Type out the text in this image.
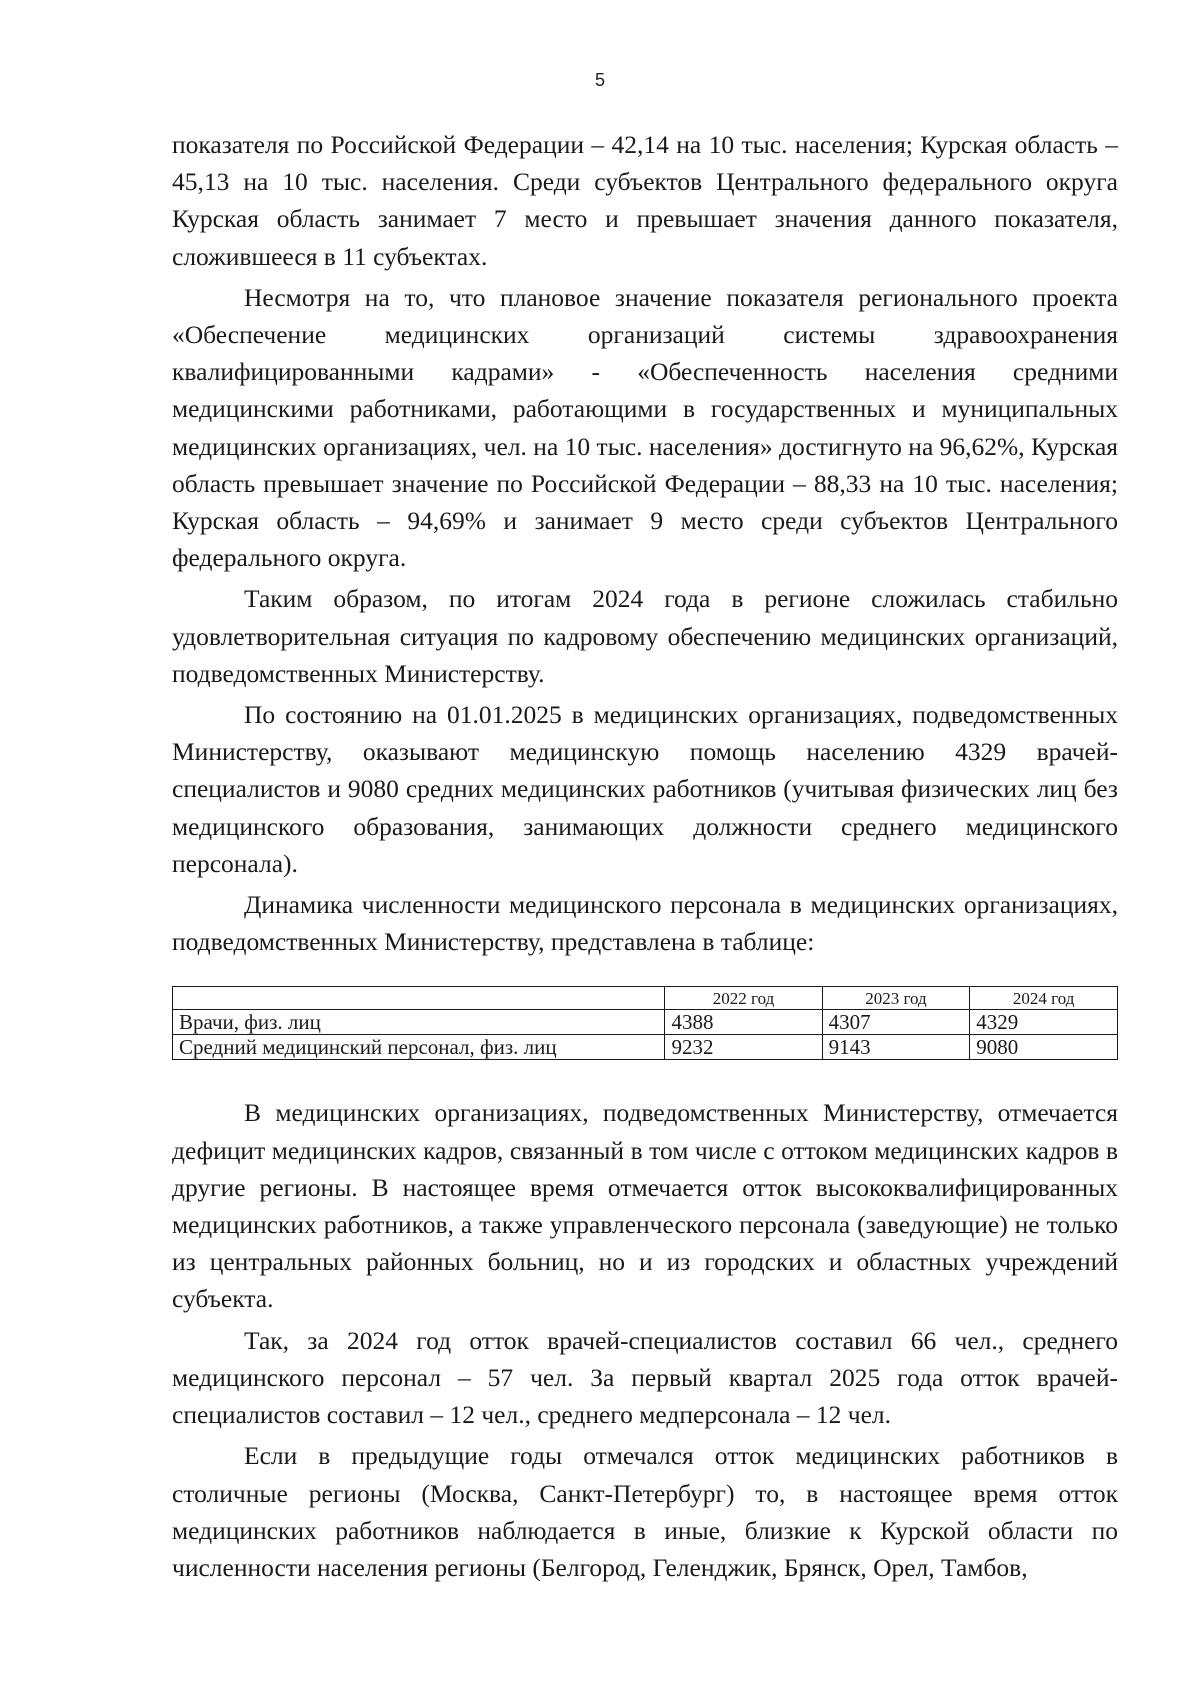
5

показателя по Российской Федерации – 42,14 на 10 тыс. населения; Курская область – 45,13 на 10 тыс. населения. Среди субъектов Центрального федерального округа Курская область занимает 7 место и превышает значения данного показателя, сложившееся в 11 субъектах.

Несмотря на то, что плановое значение показателя регионального проекта «Обеспечение медицинских организаций системы здравоохранения квалифицированными кадрами» - «Обеспеченность населения средними медицинскими работниками, работающими в государственных и муниципальных медицинских организациях, чел. на 10 тыс. населения» достигнуто на 96,62%, Курская область превышает значение по Российской Федерации – 88,33 на 10 тыс. населения; Курская область – 94,69% и занимает 9 место среди субъектов Центрального федерального округа.

Таким образом, по итогам 2024 года в регионе сложилась стабильно удовлетворительная ситуация по кадровому обеспечению медицинских организаций, подведомственных Министерству.

По состоянию на 01.01.2025 в медицинских организациях, подведомственных Министерству, оказывают медицинскую помощь населению 4329 врачей-специалистов и 9080 средних медицинских работников (учитывая физических лиц без медицинского образования, занимающих должности среднего медицинского персонала).

Динамика численности медицинского персонала в медицинских организациях, подведомственных Министерству, представлена в таблице:

	2022 год	2023 год	2024 год
Врачи, физ. лиц	4388	4307	4329
Средний медицинский персонал, физ. лиц	9232	9143	9080

В медицинских организациях, подведомственных Министерству, отмечается дефицит медицинских кадров, связанный в том числе с оттоком медицинских кадров в другие регионы. В настоящее время отмечается отток высококвалифицированных медицинских работников, а также управленческого персонала (заведующие) не только из центральных районных больниц, но и из городских и областных учреждений субъекта.

Так, за 2024 год отток врачей-специалистов составил 66 чел., среднего медицинского персонал – 57 чел. За первый квартал 2025 года отток врачей-специалистов составил – 12 чел., среднего медперсонала – 12 чел.

Если в предыдущие годы отмечался отток медицинских работников в столичные регионы (Москва, Санкт-Петербург) то, в настоящее время отток медицинских работников наблюдается в иные, близкие к Курской области по численности населения регионы (Белгород, Геленджик, Брянск, Орел, Тамбов,
